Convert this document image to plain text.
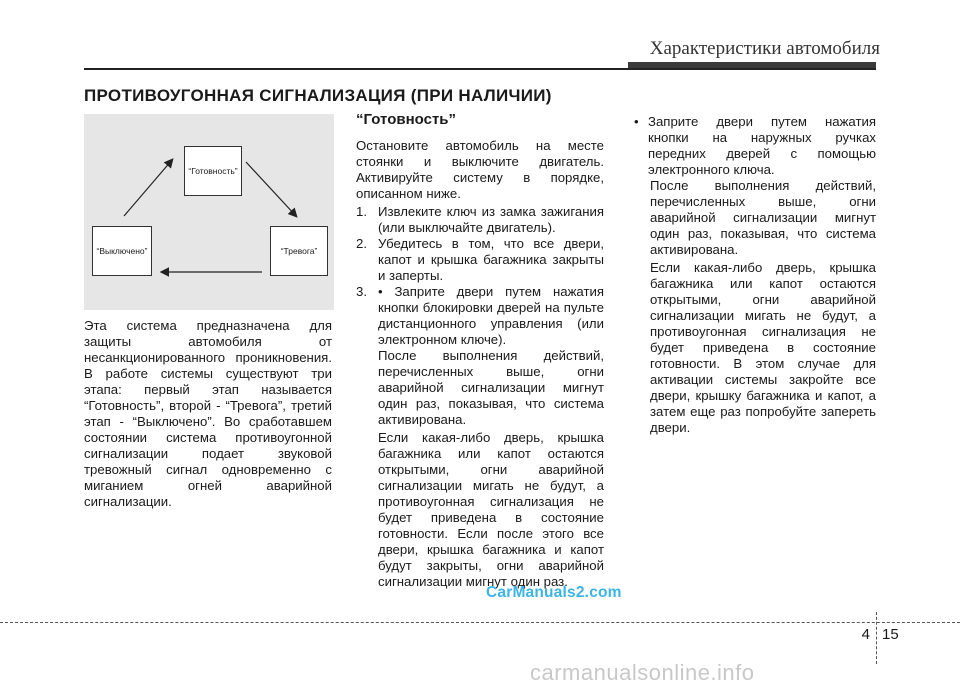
Характеристики автомобиля
ПРОТИВОУГОННАЯ СИГНАЛИЗАЦИЯ (ПРИ НАЛИЧИИ)
“Готовность”
“Выключено”	“Тревога”

Эта система предназначена для защиты автомобиля от несанкционированного проникновения. В работе системы существуют три этапа: первый этап называется “Готовность”, второй - “Тревога”, третий этап - “Выключено”. Во сработавшем состоянии система противоугонной сигнализации подает звуковой тревожный сигнал одновременно с миганием огней аварийной сигнализации.

“Готовность”

Остановите автомобиль на месте стоянки и выключите двигатель. Активируйте систему в порядке, описанном ниже.

1. Извлеките ключ из замка зажигания (или выключайте двигатель).
2. Убедитесь в том, что все двери, капот и крышка багажника закрыты и заперты.
3. • Заприте двери путем нажатия кнопки блокировки дверей на пульте дистанционного управления (или электронном ключе).

После выполнения действий, перечисленных выше, огни аварийной сигнализации мигнут один раз, показывая, что система активирована.

Если какая-либо дверь, крышка багажника или капот остаются открытыми, огни аварийной сигнализации мигать не будут, а противоугонная сигнализация не будет приведена в состояние готовности. Если после этого все двери, крышка багажника и капот будут закрыты, огни аварийной сигнализации мигнут один раз.

• Заприте двери путем нажатия кнопки на наружных ручках передних дверей с помощью электронного ключа.

После выполнения действий, перечисленных выше, огни аварийной сигнализации мигнут один раз, показывая, что система активирована.

Если какая-либо дверь, крышка багажника или капот остаются открытыми, огни аварийной сигнализации мигать не будут, а противоугонная сигнализация не будет приведена в состояние готовности. В этом случае для активации системы закройте все двери, крышку багажника и капот, а затем еще раз попробуйте запереть двери.

CarManuals2.com
4 15
carmanualsonline.info
